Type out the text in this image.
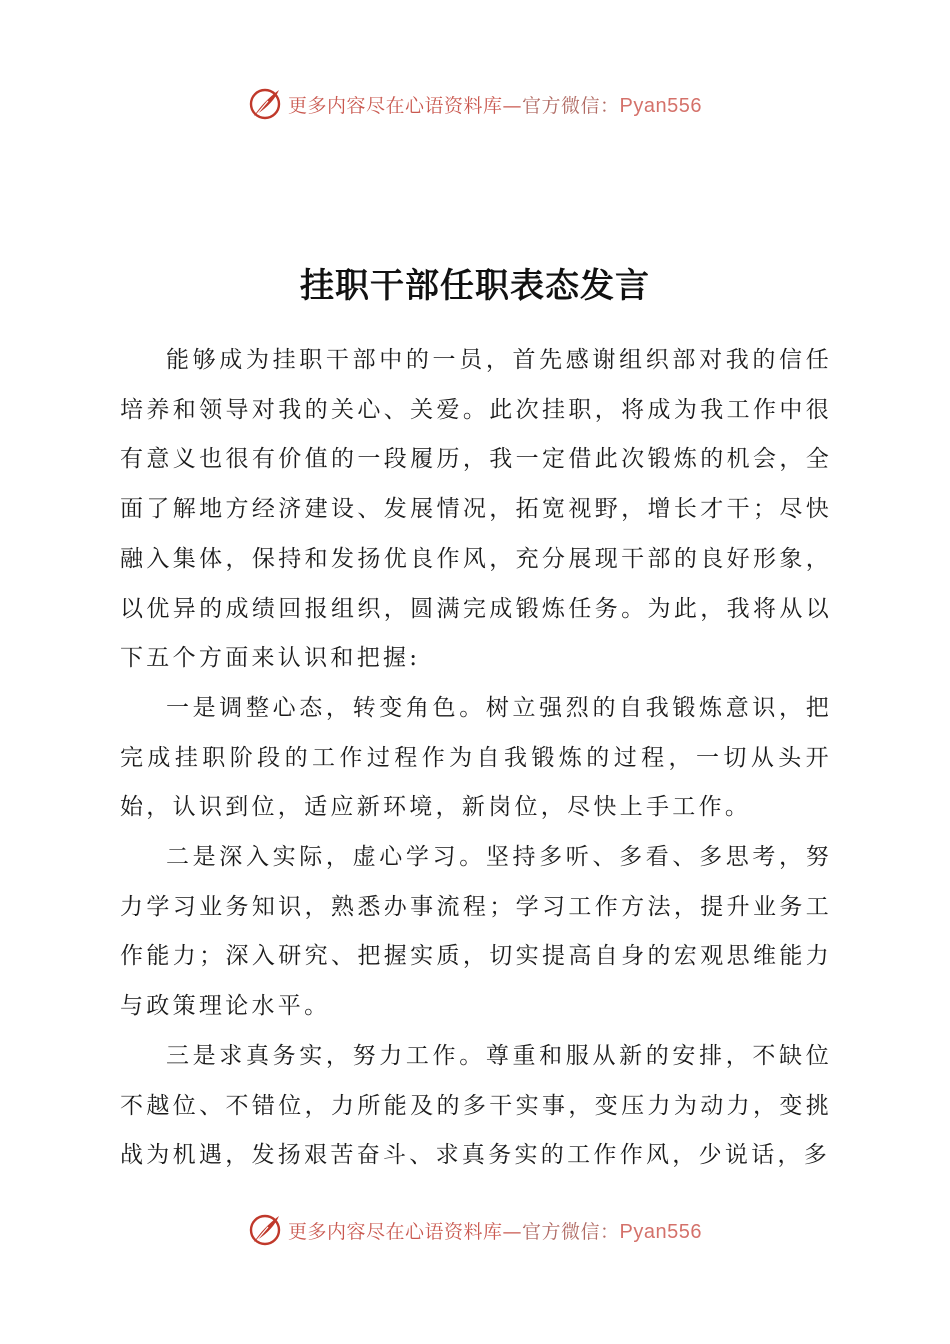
更多内容尽在心语资料库—官方微信：Pyan556
挂职干部任职表态发言

能够成为挂职干部中的一员，首先感谢组织部对我的信任培养和领导对我的关心、关爱。此次挂职，将成为我工作中很有意义也很有价值的一段履历，我一定借此次锻炼的机会，全面了解地方经济建设、发展情况，拓宽视野，增长才干；尽快融入集体，保持和发扬优良作风，充分展现干部的良好形象，以优异的成绩回报组织，圆满完成锻炼任务。为此，我将从以下五个方面来认识和把握:

一是调整心态，转变角色。树立强烈的自我锻炼意识，把完成挂职阶段的工作过程作为自我锻炼的过程，一切从头开始，认识到位，适应新环境，新岗位，尽快上手工作。

二是深入实际，虚心学习。坚持多听、多看、多思考，努力学习业务知识，熟悉办事流程；学习工作方法，提升业务工作能力；深入研究、把握实质，切实提高自身的宏观思维能力与政策理论水平。

三是求真务实，努力工作。尊重和服从新的安排，不缺位不越位、不错位，力所能及的多干实事，变压力为动力，变挑战为机遇，发扬艰苦奋斗、求真务实的工作作风，少说话，多

更多内容尽在心语资料库—官方微信：Pyan556
